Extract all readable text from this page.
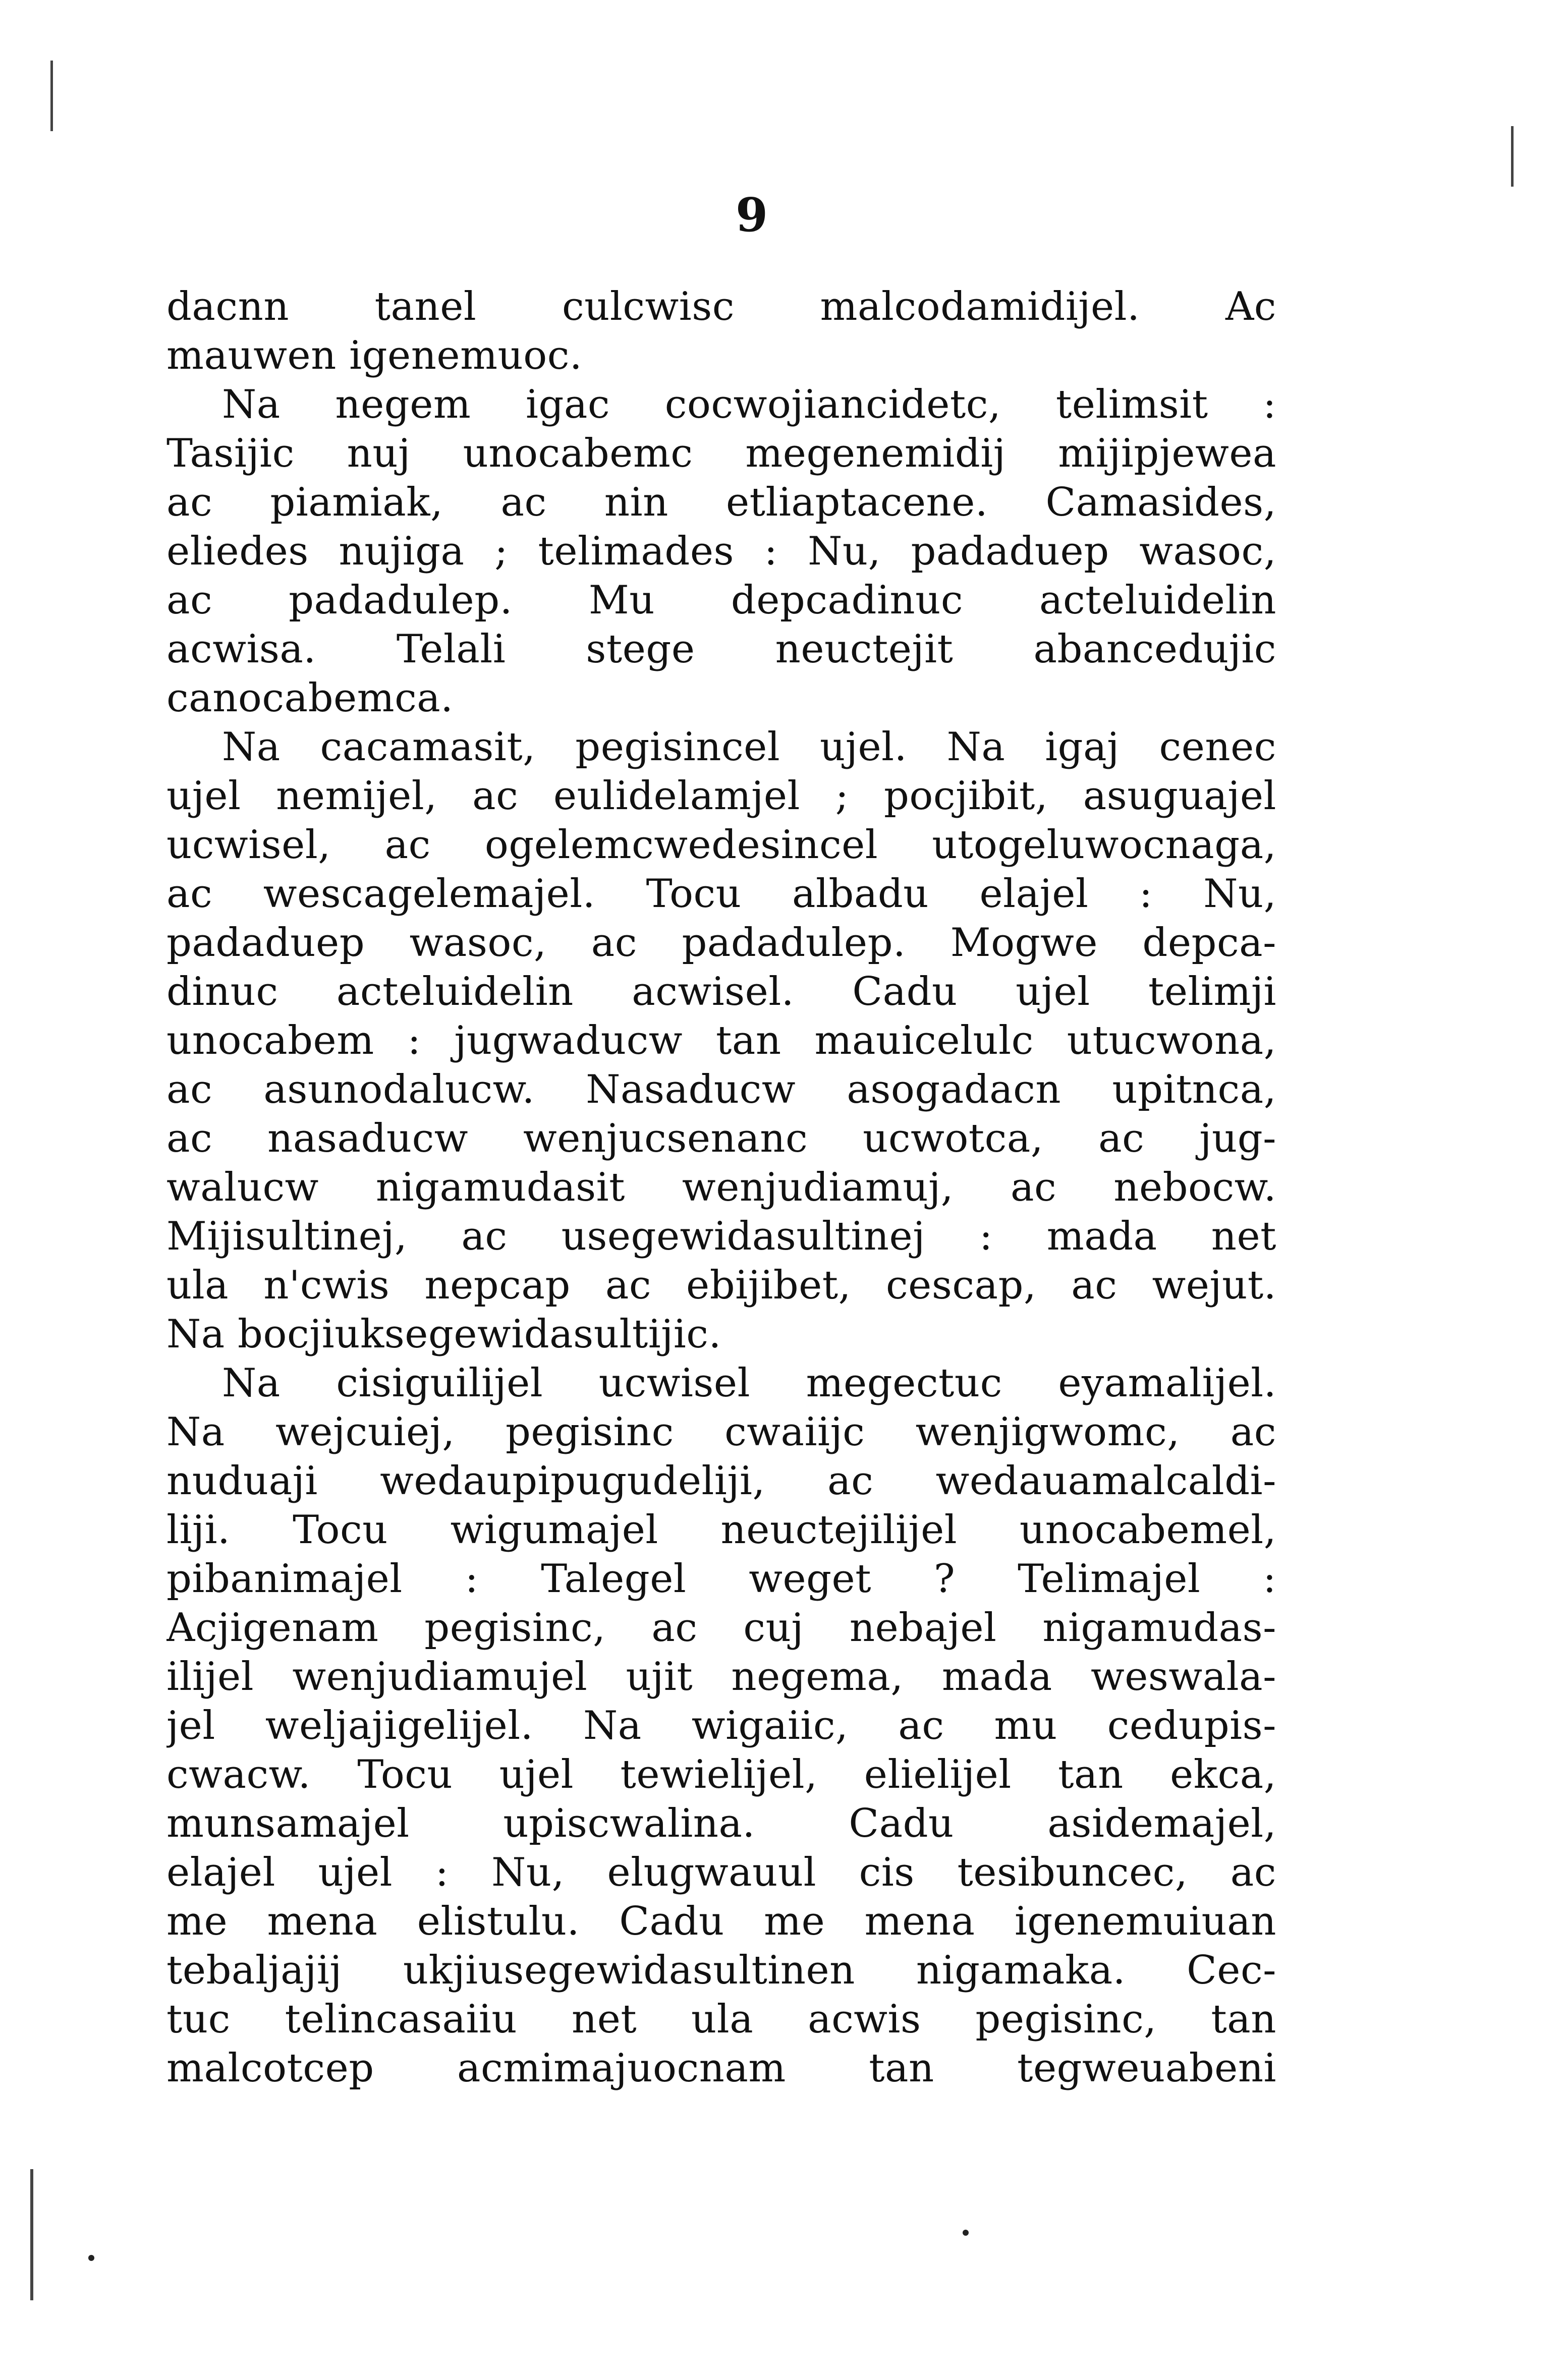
9
dacnn tanel culcwisc malcodamidijel. Ac
mauwen igenemuoc.
Na negem igac cocwojiancidetc, telimsit :
Tasijic nuj unocabemc megenemidij mijipjewea
ac piamiak, ac nin etliaptacene. Camasides,
eliedes nujiga ; telimades : Nu, padaduep wasoc,
ac padadulep. Mu depcadinuc acteluidelin
acwisa. Telali stege neuctejit abancedujic
canocabemca.
Na cacamasit, pegisincel ujel. Na igaj cenec
ujel nemijel, ac eulidelamjel ; pocjibit, asuguajel
ucwisel, ac ogelemcwedesincel utogeluwocnaga,
ac wescagelemajel. Tocu albadu elajel : Nu,
padaduep wasoc, ac padadulep. Mogwe depca-
dinuc acteluidelin acwisel. Cadu ujel telimji
unocabem : jugwaducw tan mauicelulc utucwona,
ac asunodalucw. Nasaducw asogadacn upitnca,
ac nasaducw wenjucsenanc ucwotca, ac jug-
walucw nigamudasit wenjudiamuj, ac nebocw.
Mijisultinej, ac usegewidasultinej : mada net
ula n'cwis nepcap ac ebijibet, cescap, ac wejut.
Na bocjiuksegewidasultijic.
Na cisiguilijel ucwisel megectuc eyamalijel.
Na wejcuiej, pegisinc cwaiijc wenjigwomc, ac
nuduaji wedaupipugudeliji, ac wedauamalcaldi-
liji. Tocu wigumajel neuctejilijel unocabemel,
pibanimajel : Talegel weget ? Telimajel :
Acjigenam pegisinc, ac cuj nebajel nigamudas-
ilijel wenjudiamujel ujit negema, mada weswala-
jel weljajigelijel. Na wigaiic, ac mu cedupis-
cwacw. Tocu ujel tewielijel, elielijel tan ekca,
munsamajel upiscwalina. Cadu asidemajel,
elajel ujel : Nu, elugwauul cis tesibuncec, ac
me mena elistulu. Cadu me mena igenemuiuan
tebaljajij ukjiusegewidasultinen nigamaka. Cec-
tuc telincasaiiu net ula acwis pegisinc, tan
malcotcep acmimajuocnam tan tegweuabeni
